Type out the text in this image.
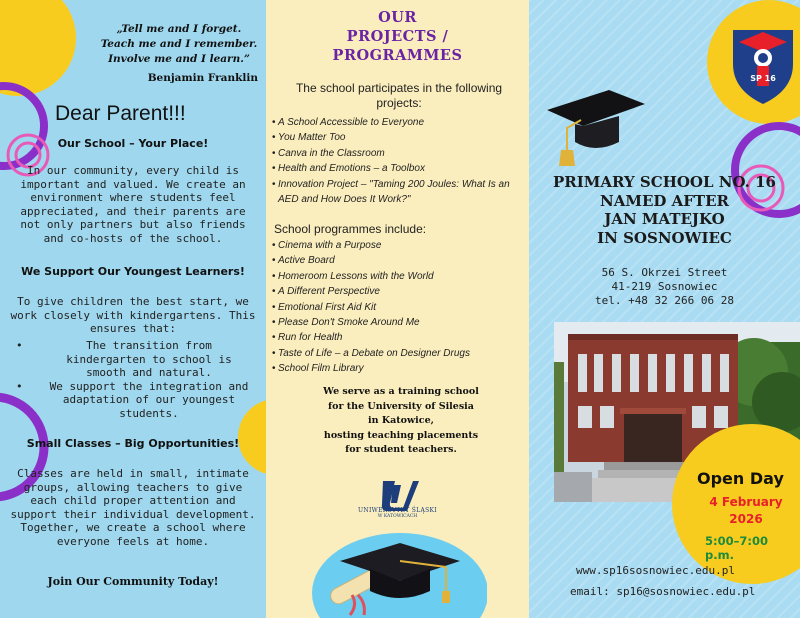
„Tell me and I forget.
Teach me and I remember.
Involve me and I learn.”
Benjamin Franklin
Dear Parent!!!
Our School – Your Place!
In our community, every child is important and valued. We create an environment where students feel appreciated, and their parents are not only partners but also friends and co-hosts of the school.
We Support Our Youngest Learners!
To give children the best start, we work closely with kindergartens. This ensures that:
• The transition from kindergarten to school is smooth and natural.
• We support the integration and adaptation of our youngest students.
Small Classes – Big Opportunities!
Classes are held in small, intimate groups, allowing teachers to give each child proper attention and support their individual development. Together, we create a school where everyone feels at home.
Join Our Community Today!
OUR
PROJECTS /
PROGRAMMES
The school participates in the following projects:
• A School Accessible to Everyone
• You Matter Too
• Canva in the Classroom
• Health and Emotions – a Toolbox
• Innovation Project – "Taming 200 Joules: What Is an AED and How Does It Work?"
School programmes include:
• Cinema with a Purpose
• Active Board
• Homeroom Lessons with the World
• A Different Perspective
• Emotional First Aid Kit
• Please Don't Smoke Around Me
• Run for Health
• Taste of Life – a Debate on Designer Drugs
• School Film Library
We serve as a training school
for the University of Silesia
in Katowice,
hosting teaching placements
for student teachers.
UNIWERSYTET ŚLĄSKI
W KATOWICACH
SP 16
PRIMARY SCHOOL NO. 16
NAMED AFTER
JAN MATEJKO
IN SOSNOWIEC
56 S. Okrzei Street
41-219 Sosnowiec
tel. +48 32 266 06 28
Open Day
4 February 2026
5:00–7:00 p.m.
www.sp16sosnowiec.edu.pl
email: sp16@sosnowiec.edu.pl
